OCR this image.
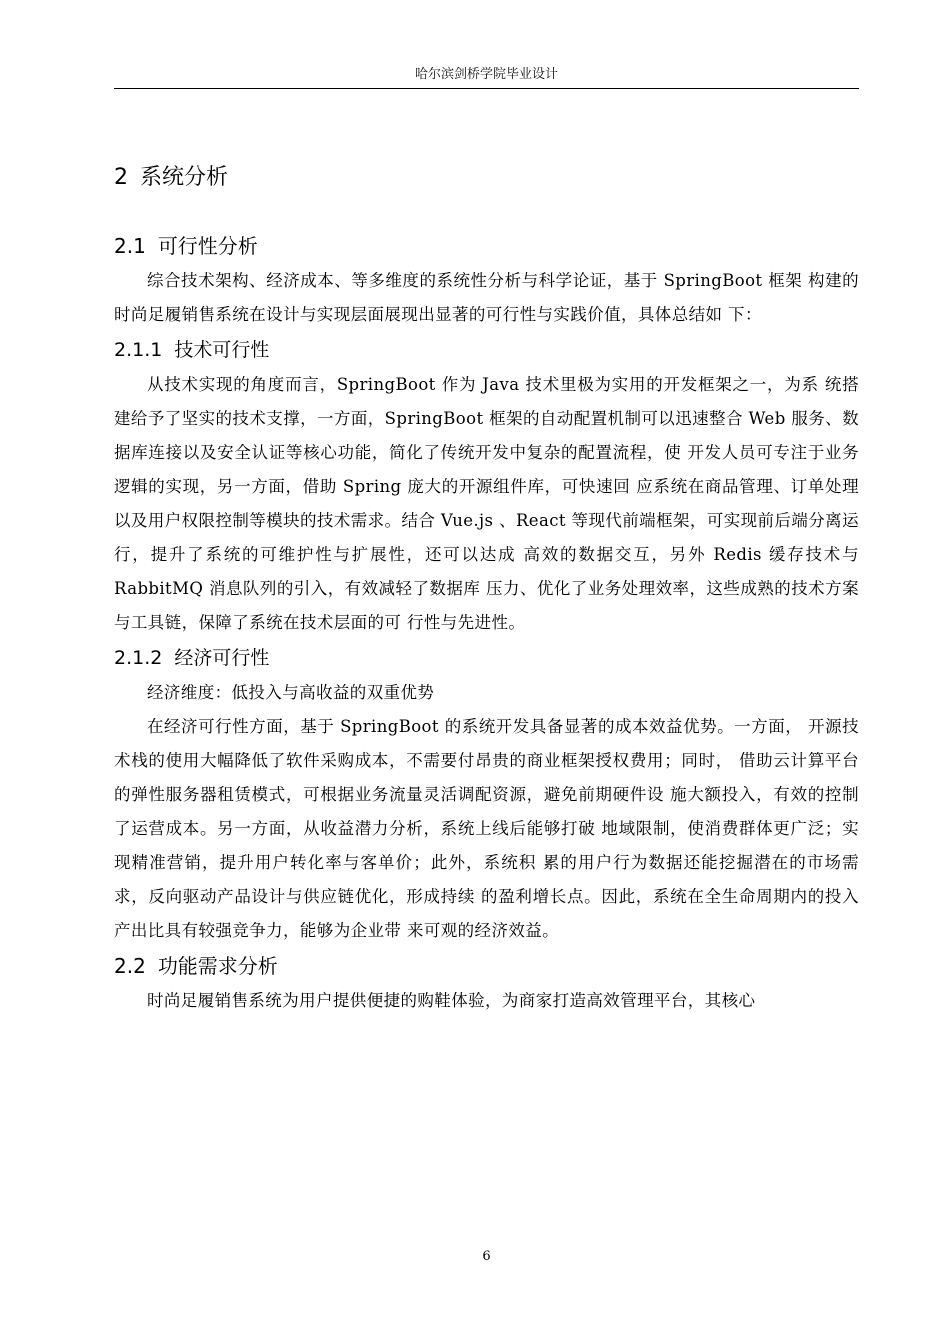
哈尔滨剑桥学院毕业设计
2 系统分析
2.1 可行性分析

综合技术架构、经济成本、等多维度的系统性分析与科学论证，基于 SpringBoot 框架 构建的时尚足履销售系统在设计与实现层面展现出显著的可行性与实践价值，具体总结如 下：

2.1.1 技术可行性

从技术实现的角度而言，SpringBoot 作为 Java 技术里极为实用的开发框架之一，为系 统搭建给予了坚实的技术支撑，一方面，SpringBoot 框架的自动配置机制可以迅速整合 Web 服务、数据库连接以及安全认证等核心功能，简化了传统开发中复杂的配置流程，使 开发人员可专注于业务逻辑的实现，另一方面，借助 Spring 庞大的开源组件库，可快速回 应系统在商品管理、订单处理以及用户权限控制等模块的技术需求。结合 Vue.js 、React 等现代前端框架，可实现前后端分离运行，提升了系统的可维护性与扩展性，还可以达成 高效的数据交互，另外 Redis 缓存技术与 RabbitMQ 消息队列的引入，有效减轻了数据库 压力、优化了业务处理效率，这些成熟的技术方案与工具链，保障了系统在技术层面的可 行性与先进性。

2.1.2 经济可行性

经济维度：低投入与高收益的双重优势

在经济可行性方面，基于 SpringBoot 的系统开发具备显著的成本效益优势。一方面， 开源技术栈的使用大幅降低了软件采购成本，不需要付昂贵的商业框架授权费用；同时， 借助云计算平台的弹性服务器租赁模式，可根据业务流量灵活调配资源，避免前期硬件设 施大额投入，有效的控制了运营成本。另一方面，从收益潜力分析，系统上线后能够打破 地域限制，使消费群体更广泛；实现精准营销，提升用户转化率与客单价；此外，系统积 累的用户行为数据还能挖掘潜在的市场需求，反向驱动产品设计与供应链优化，形成持续 的盈利增长点。因此，系统在全生命周期内的投入产出比具有较强竞争力，能够为企业带 来可观的经济效益。

2.2 功能需求分析

时尚足履销售系统为用户提供便捷的购鞋体验，为商家打造高效管理平台，其核心

6
